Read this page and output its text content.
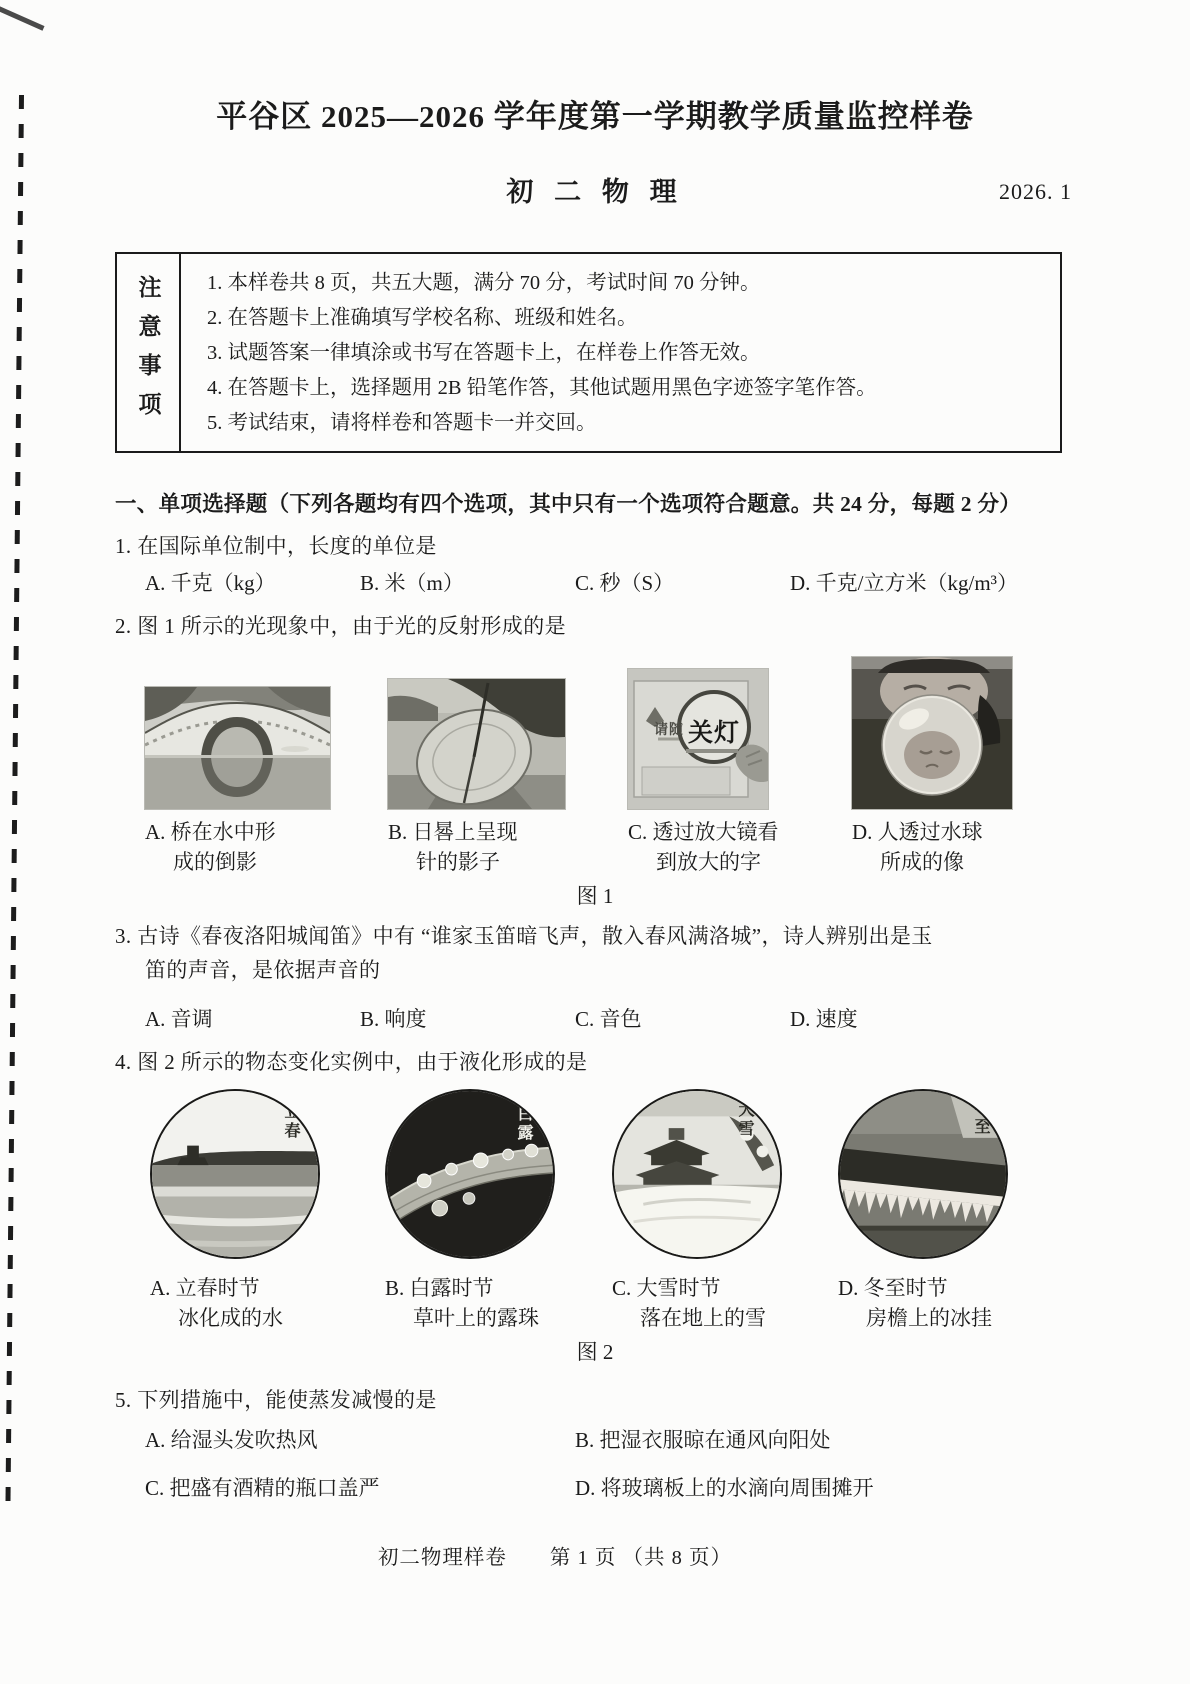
平谷区 2025—2026 学年度第一学期教学质量监控样卷
初 二 物 理	2026. 1
注意事项	1. 本样卷共 8 页，共五大题，满分 70 分，考试时间 70 分钟。
2. 在答题卡上准确填写学校名称、班级和姓名。
3. 试题答案一律填涂或书写在答题卡上，在样卷上作答无效。
4. 在答题卡上，选择题用 2B 铅笔作答，其他试题用黑色字迹签字笔作答。
5. 考试结束，请将样卷和答题卡一并交回。
一、单项选择题（下列各题均有四个选项，其中只有一个选项符合题意。共 24 分，每题 2 分）

1. 在国际单位制中，长度的单位是

A. 千克（kg）	B. 米（m）	C. 秒（S）	D. 千克/立方米（kg/m³）

2. 图 1 所示的光现象中，由于光的反射形成的是

请随 关灯
A. 桥在水中形
成的倒影
B. 日晷上呈现
针的影子
C. 透过放大镜看
到放大的字
D. 人透过水球
所成的像
图 1

3. 古诗《春夜洛阳城闻笛》中有 “谁家玉笛暗飞声，散入春风满洛城”，诗人辨别出是玉
笛的声音，是依据声音的

A. 音调	B. 响度	C. 音色	D. 速度

4. 图 2 所示的物态变化实例中，由于液化形成的是

立春	白露	大雪	冬至
A. 立春时节
冰化成的水
B. 白露时节
草叶上的露珠
C. 大雪时节
落在地上的雪
D. 冬至时节
房檐上的冰挂
图 2

5. 下列措施中，能使蒸发减慢的是

A. 给湿头发吹热风	B. 把湿衣服晾在通风向阳处
C. 把盛有酒精的瓶口盖严	D. 将玻璃板上的水滴向周围摊开
初二物理样卷　　第 1 页 （共 8 页）
